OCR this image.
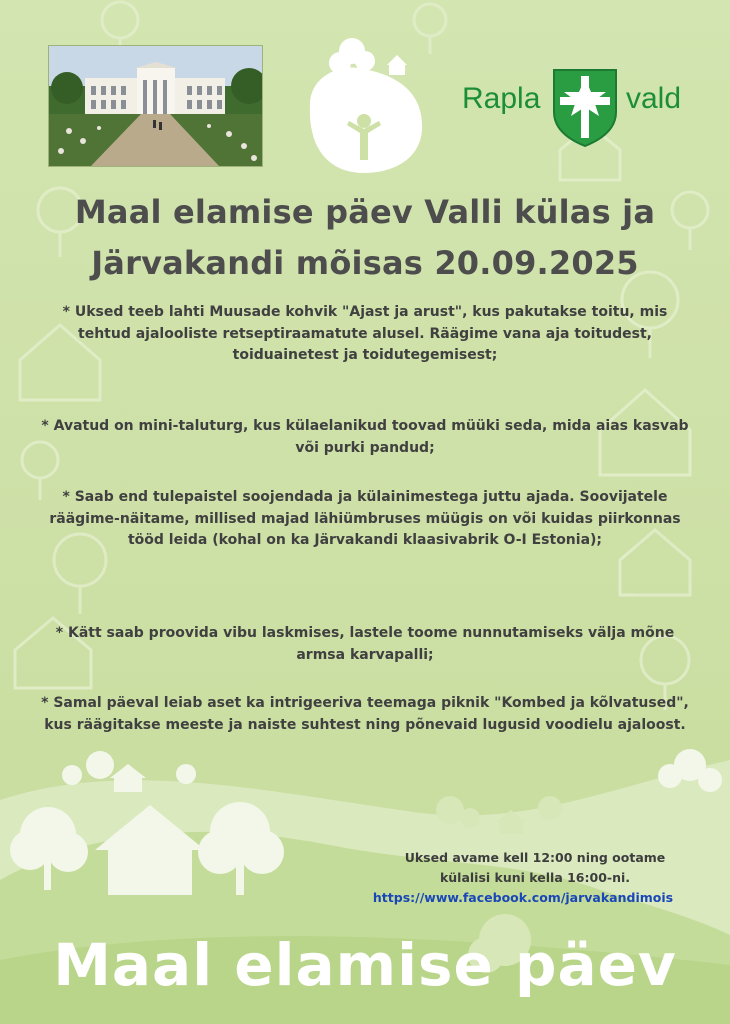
Rapla	vald
Maal elamise päev Valli külas ja
Järvakandi mõisas 20.09.2025
* Uksed teeb lahti Muusade kohvik "Ajast ja arust", kus pakutakse toitu, mis tehtud ajalooliste retseptiraamatute alusel. Räägime vana aja toitudest, toiduainetest ja toidutegemisest;
* Avatud on mini-taluturg, kus külaelanikud toovad müüki seda, mida aias kasvab või purki pandud;
* Saab end tulepaistel soojendada ja külainimestega juttu ajada. Soovijatele räägime-näitame, millised majad lähiümbruses müügis on või kuidas piirkonnas tööd leida (kohal on ka Järvakandi klaasivabrik O-I Estonia);
* Kätt saab proovida vibu laskmises, lastele toome nunnutamiseks välja mõne armsa karvapalli;
* Samal päeval leiab aset ka intrigeeriva teemaga piknik "Kombed ja kõlvatused", kus räägitakse meeste ja naiste suhtest ning põnevaid lugusid voodielu ajaloost.
Uksed avame kell 12:00 ning ootame
külalisi kuni kella 16:00-ni.
https://www.facebook.com/jarvakandimois
Maal elamise päev
